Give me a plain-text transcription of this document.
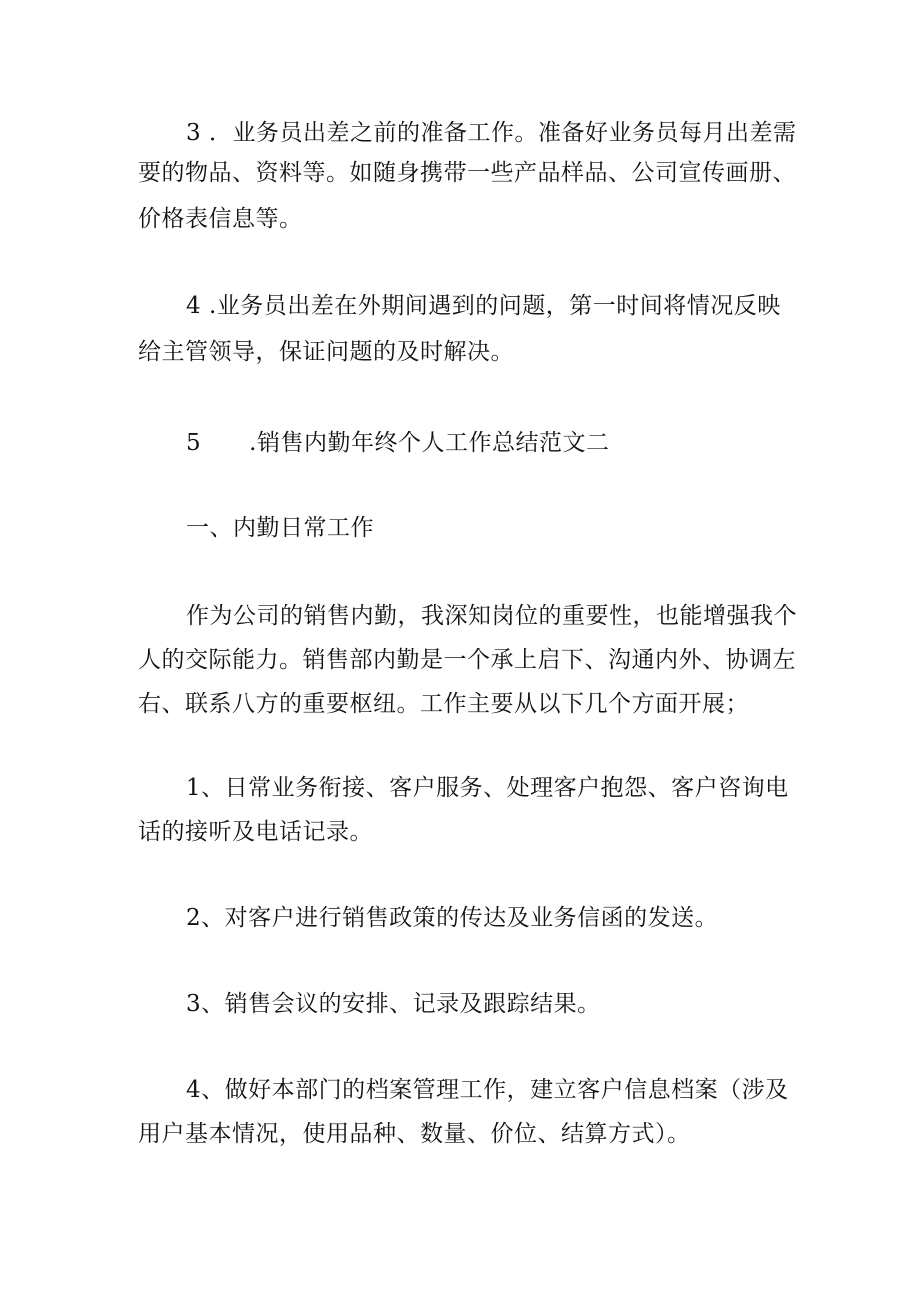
3 ．业务员出差之前的准备工作。准备好业务员每月出差需
要的物品、资料等。如随身携带一些产品样品、公司宣传画册、
价格表信息等。
4 .业务员出差在外期间遇到的问题，第一时间将情况反映
给主管领导，保证问题的及时解决。
5 .销售内勤年终个人工作总结范文二
一、内勤日常工作
作为公司的销售内勤，我深知岗位的重要性，也能增强我个
人的交际能力。销售部内勤是一个承上启下、沟通内外、协调左
右、联系八方的重要枢纽。工作主要从以下几个方面开展；
1、日常业务衔接、客户服务、处理客户抱怨、客户咨询电
话的接听及电话记录。
2、对客户进行销售政策的传达及业务信函的发送。
3、销售会议的安排、记录及跟踪结果。
4、做好本部门的档案管理工作，建立客户信息档案（涉及
用户基本情况，使用品种、数量、价位、结算方式）。
